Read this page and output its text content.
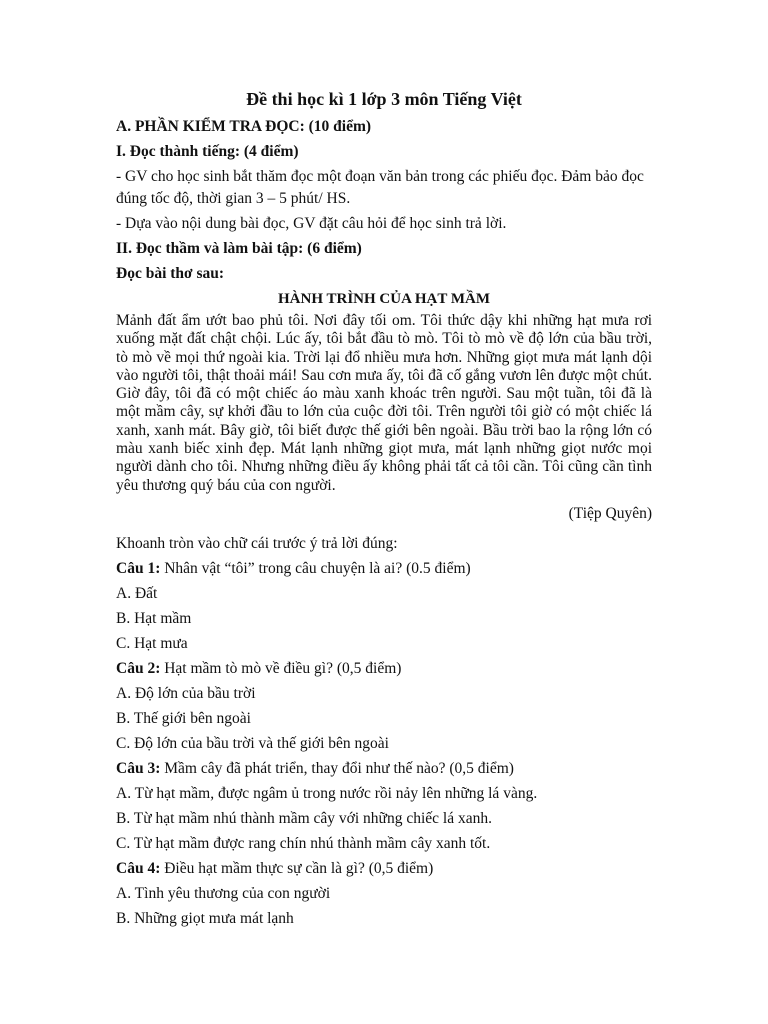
Đề thi học kì 1 lớp 3 môn Tiếng Việt

A. PHẦN KIỂM TRA ĐỌC: (10 điểm)

I. Đọc thành tiếng: (4 điểm)

- GV cho học sinh bắt thăm đọc một đoạn văn bản trong các phiếu đọc. Đảm bảo đọc đúng tốc độ, thời gian 3 – 5 phút/ HS.

- Dựa vào nội dung bài đọc, GV đặt câu hỏi để học sinh trả lời.

II. Đọc thầm và làm bài tập: (6 điểm)

Đọc bài thơ sau:

HÀNH TRÌNH CỦA HẠT MẦM

Mảnh đất ẩm ướt bao phủ tôi. Nơi đây tối om. Tôi thức dậy khi những hạt mưa rơi xuống mặt đất chật chội. Lúc ấy, tôi bắt đầu tò mò. Tôi tò mò về độ lớn của bầu trời, tò mò về mọi thứ ngoài kia. Trời lại đổ nhiều mưa hơn. Những giọt mưa mát lạnh dội vào người tôi, thật thoải mái! Sau cơn mưa ấy, tôi đã cố gắng vươn lên được một chút. Giờ đây, tôi đã có một chiếc áo màu xanh khoác trên người. Sau một tuần, tôi đã là một mầm cây, sự khởi đầu to lớn của cuộc đời tôi. Trên người tôi giờ có một chiếc lá xanh, xanh mát. Bây giờ, tôi biết được thế giới bên ngoài. Bầu trời bao la rộng lớn có màu xanh biếc xinh đẹp. Mát lạnh những giọt mưa, mát lạnh những giọt nước mọi người dành cho tôi. Nhưng những điều ấy không phải tất cả tôi cần. Tôi cũng cần tình yêu thương quý báu của con người.

(Tiệp Quyên)

Khoanh tròn vào chữ cái trước ý trả lời đúng:

Câu 1: Nhân vật “tôi” trong câu chuyện là ai? (0.5 điểm)

A. Đất

B. Hạt mầm

C. Hạt mưa

Câu 2: Hạt mầm tò mò về điều gì? (0,5 điểm)

A. Độ lớn của bầu trời

B. Thế giới bên ngoài

C. Độ lớn của bầu trời và thế giới bên ngoài

Câu 3: Mầm cây đã phát triển, thay đổi như thế nào? (0,5 điểm)

A. Từ hạt mầm, được ngâm ủ trong nước rồi nảy lên những lá vàng.

B. Từ hạt mầm nhú thành mầm cây với những chiếc lá xanh.

C. Từ hạt mầm được rang chín nhú thành mầm cây xanh tốt.

Câu 4: Điều hạt mầm thực sự cần là gì? (0,5 điểm)

A. Tình yêu thương của con người

B. Những giọt mưa mát lạnh
